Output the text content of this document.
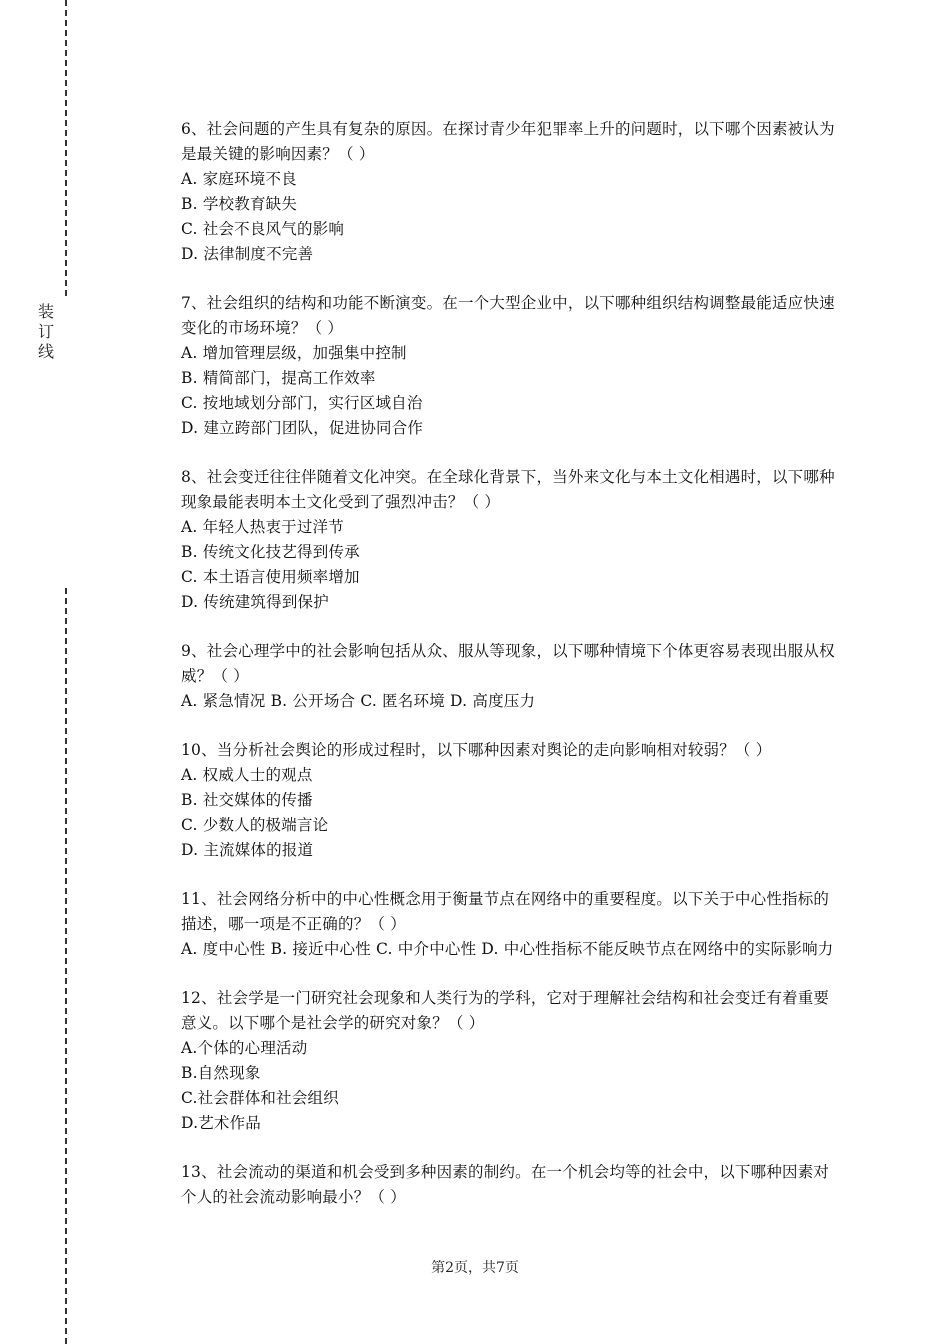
装
订
线

6、社会问题的产生具有复杂的原因。在探讨青少年犯罪率上升的问题时，以下哪个因素被认为是最关键的影响因素？（ ）

A. 家庭环境不良

B. 学校教育缺失

C. 社会不良风气的影响

D. 法律制度不完善

7、社会组织的结构和功能不断演变。在一个大型企业中，以下哪种组织结构调整最能适应快速变化的市场环境？（ ）

A. 增加管理层级，加强集中控制

B. 精简部门，提高工作效率

C. 按地域划分部门，实行区域自治

D. 建立跨部门团队，促进协同合作

8、社会变迁往往伴随着文化冲突。在全球化背景下，当外来文化与本土文化相遇时，以下哪种现象最能表明本土文化受到了强烈冲击？（ ）

A. 年轻人热衷于过洋节

B. 传统文化技艺得到传承

C. 本土语言使用频率增加

D. 传统建筑得到保护

9、社会心理学中的社会影响包括从众、服从等现象，以下哪种情境下个体更容易表现出服从权威？（ ）

A. 紧急情况 B. 公开场合 C. 匿名环境 D. 高度压力

10、当分析社会舆论的形成过程时，以下哪种因素对舆论的走向影响相对较弱？（ ）

A. 权威人士的观点

B. 社交媒体的传播

C. 少数人的极端言论

D. 主流媒体的报道

11、社会网络分析中的中心性概念用于衡量节点在网络中的重要程度。以下关于中心性指标的描述，哪一项是不正确的？（ ）

A. 度中心性 B. 接近中心性 C. 中介中心性 D. 中心性指标不能反映节点在网络中的实际影响力

12、社会学是一门研究社会现象和人类行为的学科，它对于理解社会结构和社会变迁有着重要意义。以下哪个是社会学的研究对象？（ ）

A.个体的心理活动

B.自然现象

C.社会群体和社会组织

D.艺术作品

13、社会流动的渠道和机会受到多种因素的制约。在一个机会均等的社会中，以下哪种因素对个人的社会流动影响最小？（ ）

第2页，共7页
